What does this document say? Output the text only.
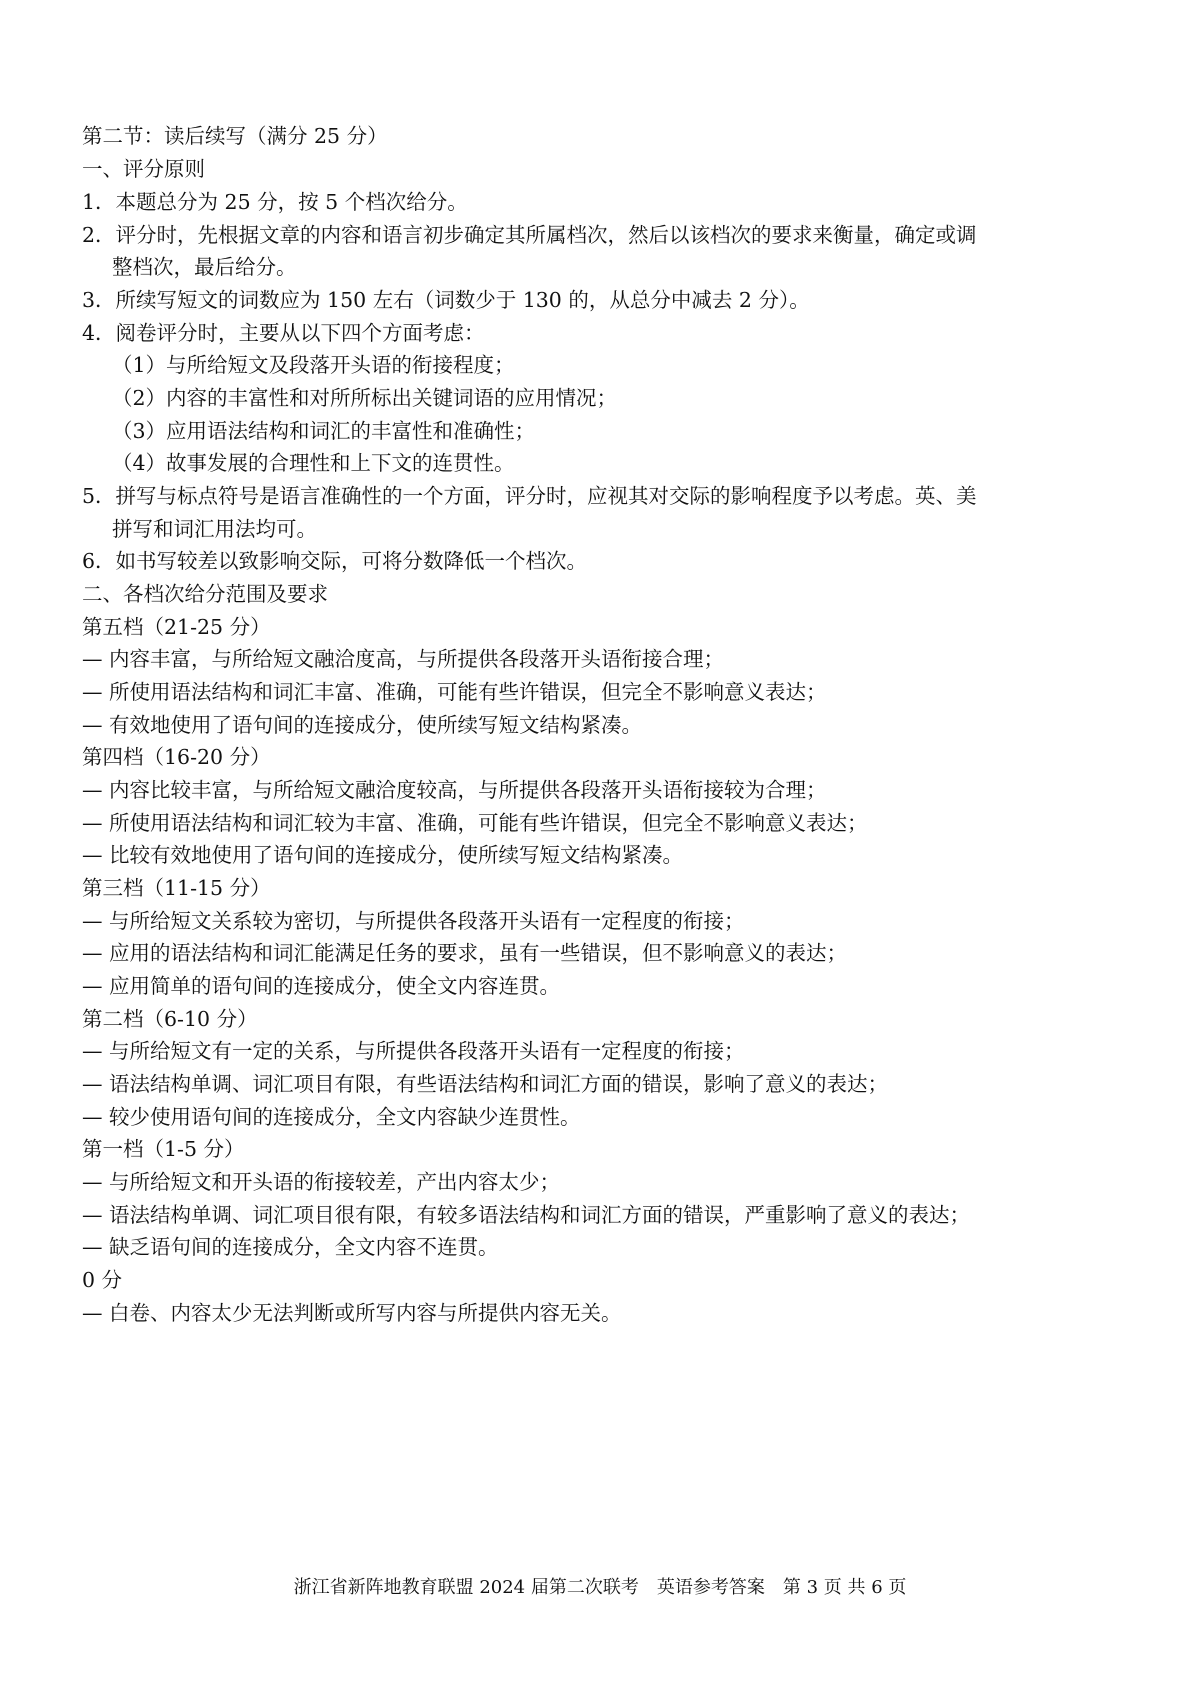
第二节：读后续写（满分 25 分）
一、评分原则
1．本题总分为 25 分，按 5 个档次给分。
2．评分时，先根据文章的内容和语言初步确定其所属档次，然后以该档次的要求来衡量，确定或调
整档次，最后给分。
3．所续写短文的词数应为 150 左右（词数少于 130 的，从总分中减去 2 分）。
4．阅卷评分时，主要从以下四个方面考虑：
（1）与所给短文及段落开头语的衔接程度；
（2）内容的丰富性和对所所标出关键词语的应用情况；
（3）应用语法结构和词汇的丰富性和准确性；
（4）故事发展的合理性和上下文的连贯性。
5．拼写与标点符号是语言准确性的一个方面，评分时，应视其对交际的影响程度予以考虑。英、美
拼写和词汇用法均可。
6．如书写较差以致影响交际，可将分数降低一个档次。
二、各档次给分范围及要求
第五档（21-25 分）
— 内容丰富，与所给短文融洽度高，与所提供各段落开头语衔接合理；
— 所使用语法结构和词汇丰富、准确，可能有些许错误，但完全不影响意义表达；
— 有效地使用了语句间的连接成分，使所续写短文结构紧凑。
第四档（16-20 分）
— 内容比较丰富，与所给短文融洽度较高，与所提供各段落开头语衔接较为合理；
— 所使用语法结构和词汇较为丰富、准确，可能有些许错误，但完全不影响意义表达；
— 比较有效地使用了语句间的连接成分，使所续写短文结构紧凑。
第三档（11-15 分）
— 与所给短文关系较为密切，与所提供各段落开头语有一定程度的衔接；
— 应用的语法结构和词汇能满足任务的要求，虽有一些错误，但不影响意义的表达；
— 应用简单的语句间的连接成分，使全文内容连贯。
第二档（6-10 分）
— 与所给短文有一定的关系，与所提供各段落开头语有一定程度的衔接；
— 语法结构单调、词汇项目有限，有些语法结构和词汇方面的错误，影响了意义的表达；
— 较少使用语句间的连接成分，全文内容缺少连贯性。
第一档（1-5 分）
— 与所给短文和开头语的衔接较差，产出内容太少；
— 语法结构单调、词汇项目很有限，有较多语法结构和词汇方面的错误，严重影响了意义的表达；
— 缺乏语句间的连接成分，全文内容不连贯。
0 分
— 白卷、内容太少无法判断或所写内容与所提供内容无关。
浙江省新阵地教育联盟 2024 届第二次联考　英语参考答案　第 3 页 共 6 页
